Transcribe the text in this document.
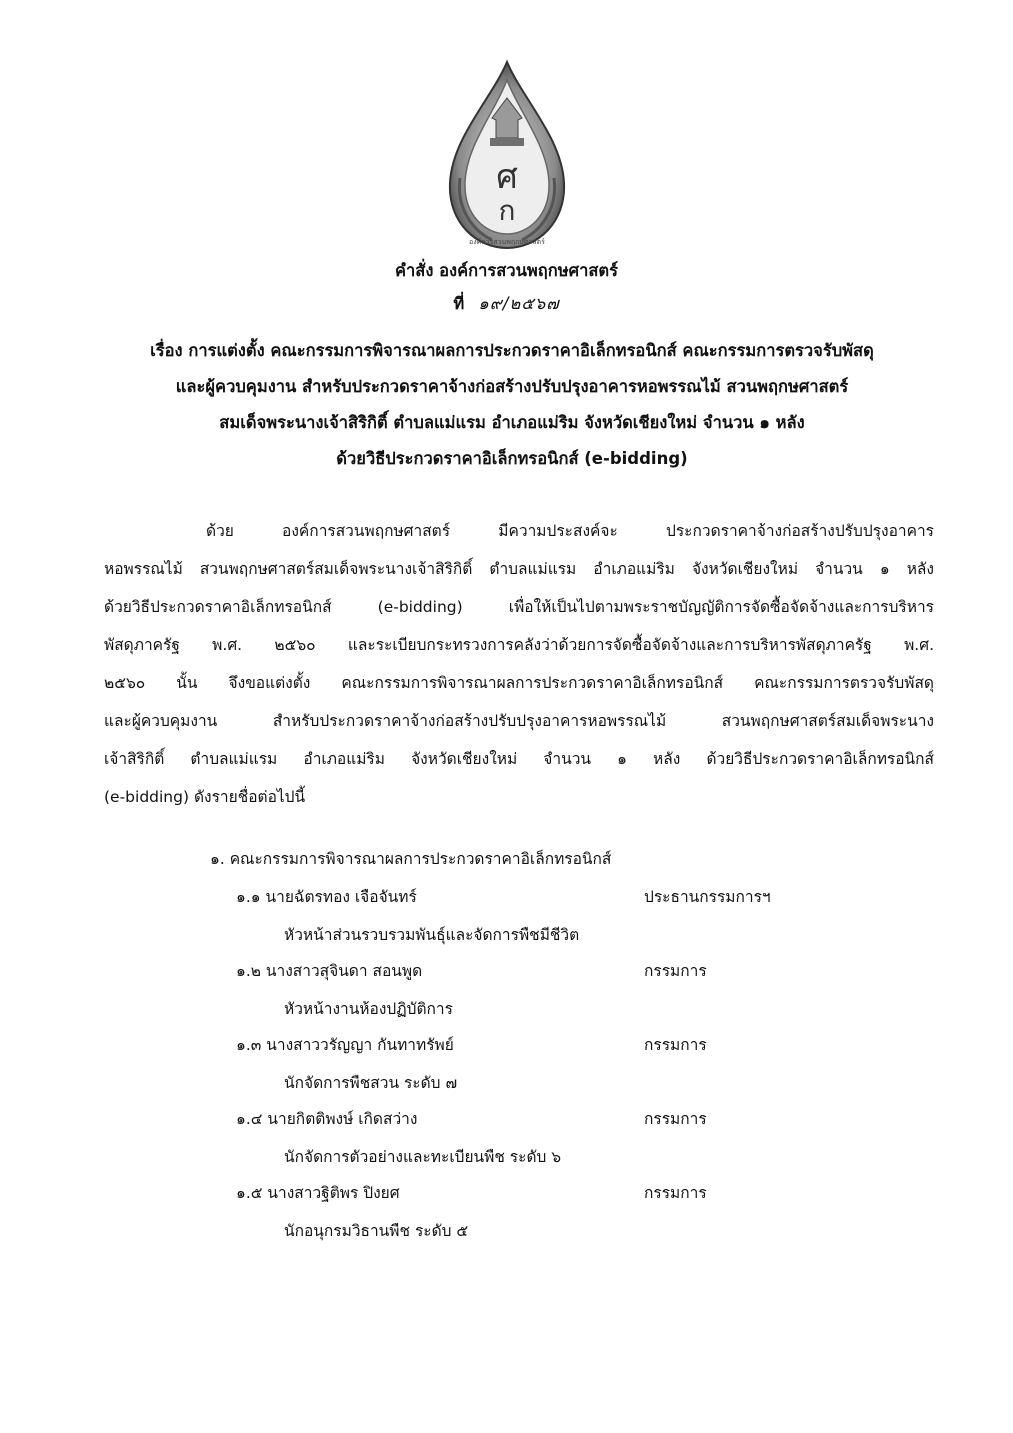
ศ
ก
องค์การสวนพฤกษศาสตร์
คำสั่ง องค์การสวนพฤกษศาสตร์
ที่ ๑๙/๒๕๖๗
เรื่อง การแต่งตั้ง คณะกรรมการพิจารณาผลการประกวดราคาอิเล็กทรอนิกส์ คณะกรรมการตรวจรับพัสดุ
และผู้ควบคุมงาน สำหรับประกวดราคาจ้างก่อสร้างปรับปรุงอาคารหอพรรณไม้ สวนพฤกษศาสตร์
สมเด็จพระนางเจ้าสิริกิติ์ ตำบลแม่แรม อำเภอแม่ริม จังหวัดเชียงใหม่ จำนวน ๑ หลัง
ด้วยวิธีประกวดราคาอิเล็กทรอนิกส์ (e-bidding)
ด้วย องค์การสวนพฤกษศาสตร์ มีความประสงค์จะ ประกวดราคาจ้างก่อสร้างปรับปรุงอาคาร
หอพรรณไม้ สวนพฤกษศาสตร์สมเด็จพระนางเจ้าสิริกิติ์ ตำบลแม่แรม อำเภอแม่ริม จังหวัดเชียงใหม่ จำนวน ๑ หลัง
ด้วยวิธีประกวดราคาอิเล็กทรอนิกส์ (e-bidding) เพื่อให้เป็นไปตามพระราชบัญญัติการจัดซื้อจัดจ้างและการบริหาร
พัสดุภาครัฐ พ.ศ. ๒๕๖๐ และระเบียบกระทรวงการคลังว่าด้วยการจัดซื้อจัดจ้างและการบริหารพัสดุภาครัฐ พ.ศ.
๒๕๖๐ นั้น จึงขอแต่งตั้ง คณะกรรมการพิจารณาผลการประกวดราคาอิเล็กทรอนิกส์ คณะกรรมการตรวจรับพัสดุ
และผู้ควบคุมงาน สำหรับประกวดราคาจ้างก่อสร้างปรับปรุงอาคารหอพรรณไม้ สวนพฤกษศาสตร์สมเด็จพระนาง
เจ้าสิริกิติ์ ตำบลแม่แรม อำเภอแม่ริม จังหวัดเชียงใหม่ จำนวน ๑ หลัง ด้วยวิธีประกวดราคาอิเล็กทรอนิกส์
(e-bidding) ดังรายชื่อต่อไปนี้
๑. คณะกรรมการพิจารณาผลการประกวดราคาอิเล็กทรอนิกส์
๑.๑ นายฉัตรทอง เจือจันทร์
หัวหน้าส่วนรวบรวมพันธุ์และจัดการพืชมีชีวิต
ประธานกรรมการฯ
๑.๒ นางสาวสุจินดา สอนพูด
หัวหน้างานห้องปฏิบัติการ
กรรมการ
๑.๓ นางสาววรัญญา กันทาทรัพย์
นักจัดการพืชสวน ระดับ ๗
กรรมการ
๑.๔ นายกิตติพงษ์ เกิดสว่าง
นักจัดการตัวอย่างและทะเบียนพืช ระดับ ๖
กรรมการ
๑.๕ นางสาวฐิติพร ปิงยศ
นักอนุกรมวิธานพืช ระดับ ๕
กรรมการ
